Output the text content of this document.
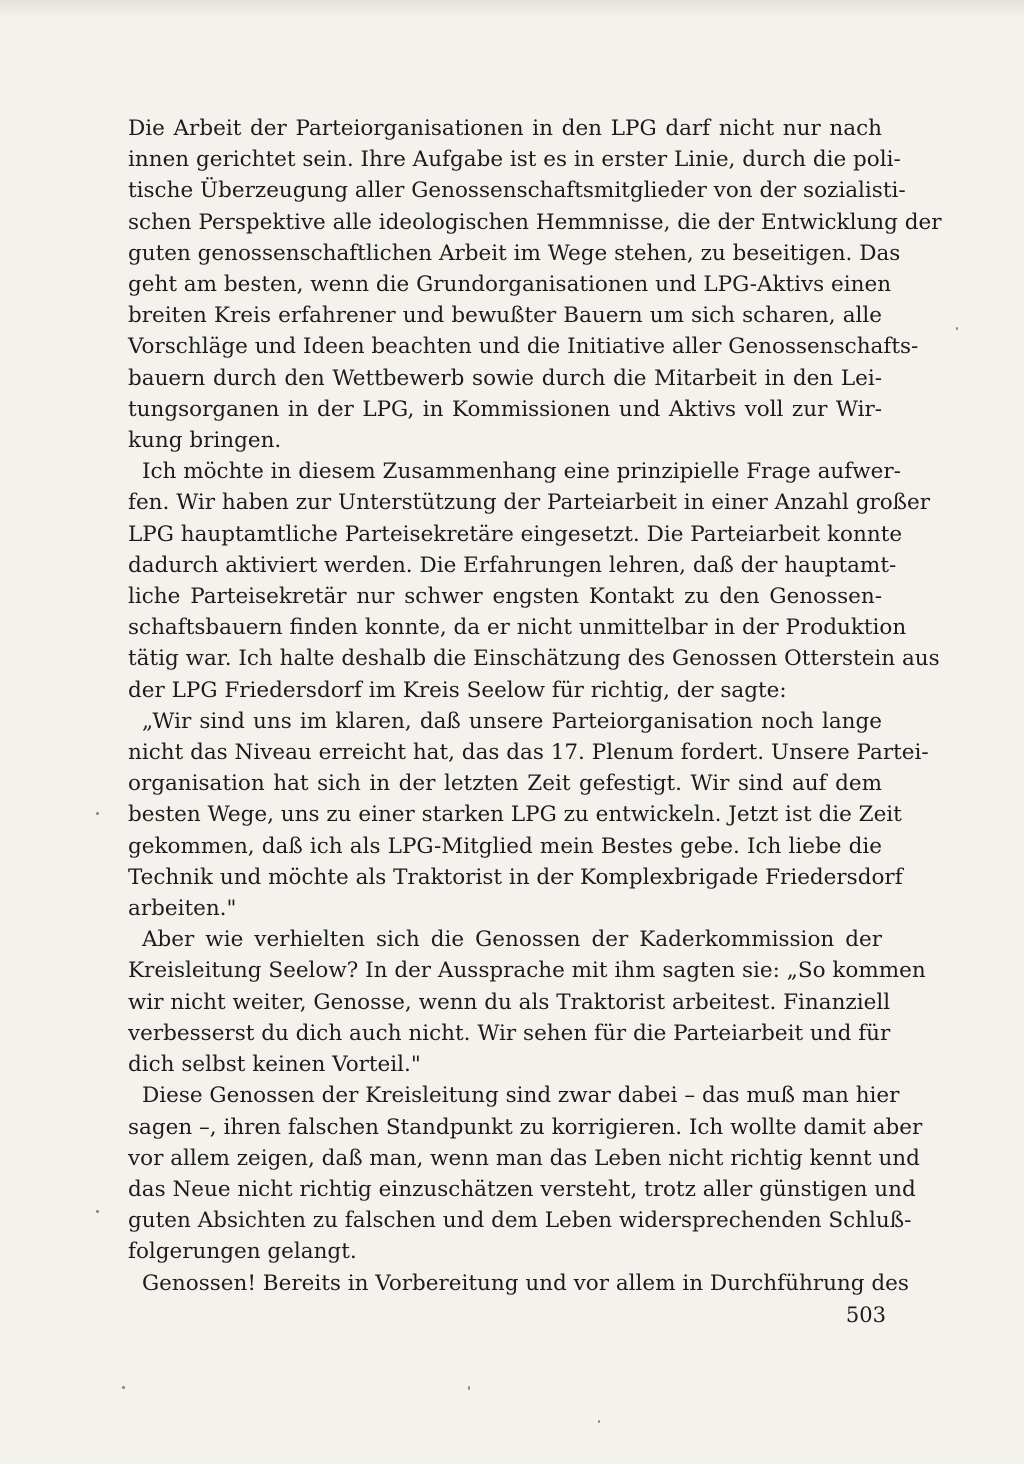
Die Arbeit der Parteiorganisationen in den LPG darf nicht nur nach
innen gerichtet sein. Ihre Aufgabe ist es in erster Linie, durch die poli-
tische Überzeugung aller Genossenschaftsmitglieder von der sozialisti-
schen Perspektive alle ideologischen Hemmnisse, die der Entwicklung der
guten genossenschaftlichen Arbeit im Wege stehen, zu beseitigen. Das
geht am besten, wenn die Grundorganisationen und LPG-Aktivs einen
breiten Kreis erfahrener und bewußter Bauern um sich scharen, alle
Vorschläge und Ideen beachten und die Initiative aller Genossenschafts-
bauern durch den Wettbewerb sowie durch die Mitarbeit in den Lei-
tungsorganen in der LPG, in Kommissionen und Aktivs voll zur Wir-
kung bringen.

Ich möchte in diesem Zusammenhang eine prinzipielle Frage aufwer-
fen. Wir haben zur Unterstützung der Parteiarbeit in einer Anzahl großer
LPG hauptamtliche Parteisekretäre eingesetzt. Die Parteiarbeit konnte
dadurch aktiviert werden. Die Erfahrungen lehren, daß der hauptamt-
liche Parteisekretär nur schwer engsten Kontakt zu den Genossen-
schaftsbauern finden konnte, da er nicht unmittelbar in der Produktion
tätig war. Ich halte deshalb die Einschätzung des Genossen Otterstein aus
der LPG Friedersdorf im Kreis Seelow für richtig, der sagte:

„Wir sind uns im klaren, daß unsere Parteiorganisation noch lange
nicht das Niveau erreicht hat, das das 17. Plenum fordert. Unsere Partei-
organisation hat sich in der letzten Zeit gefestigt. Wir sind auf dem
besten Wege, uns zu einer starken LPG zu entwickeln. Jetzt ist die Zeit
gekommen, daß ich als LPG-Mitglied mein Bestes gebe. Ich liebe die
Technik und möchte als Traktorist in der Komplexbrigade Friedersdorf
arbeiten."

Aber wie verhielten sich die Genossen der Kaderkommission der
Kreisleitung Seelow? In der Aussprache mit ihm sagten sie: „So kommen
wir nicht weiter, Genosse, wenn du als Traktorist arbeitest. Finanziell
verbesserst du dich auch nicht. Wir sehen für die Parteiarbeit und für
dich selbst keinen Vorteil."

Diese Genossen der Kreisleitung sind zwar dabei – das muß man hier
sagen –, ihren falschen Standpunkt zu korrigieren. Ich wollte damit aber
vor allem zeigen, daß man, wenn man das Leben nicht richtig kennt und
das Neue nicht richtig einzuschätzen versteht, trotz aller günstigen und
guten Absichten zu falschen und dem Leben widersprechenden Schluß-
folgerungen gelangt.

Genossen! Bereits in Vorbereitung und vor allem in Durchführung des

503
